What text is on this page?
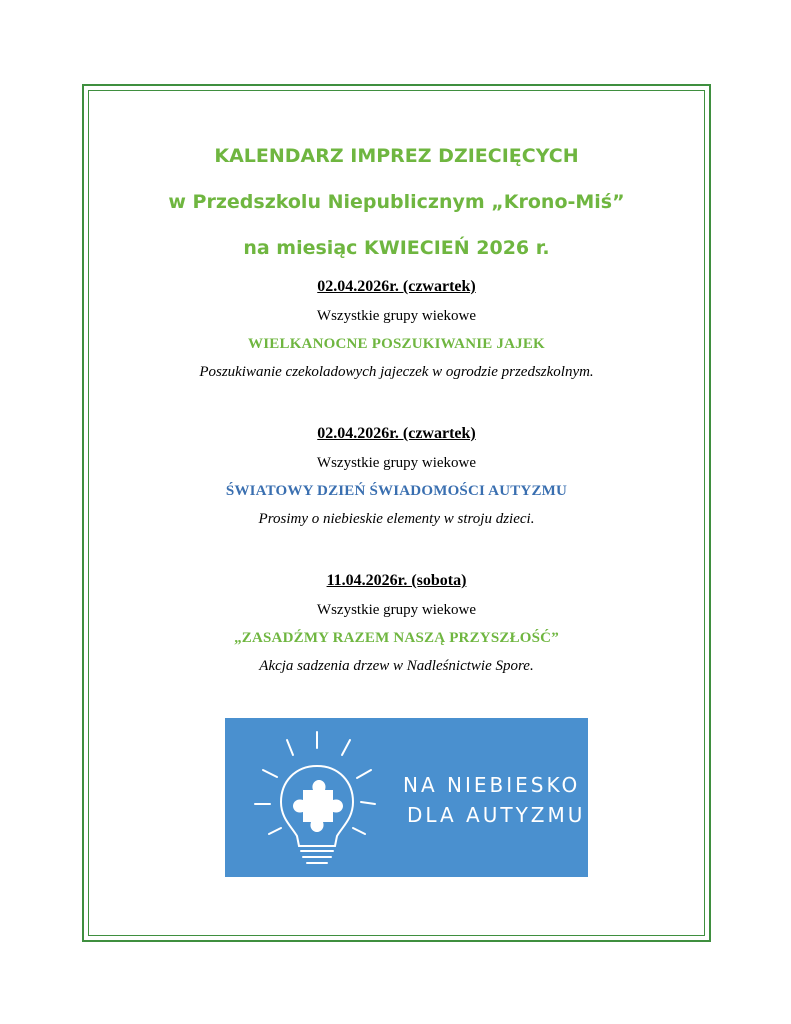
KALENDARZ IMPREZ DZIECIĘCYCH

w Przedszkolu Niepublicznym „Krono-Miś”

na miesiąc KWIECIEŃ 2026 r.

02.04.2026r. (czwartek)

Wszystkie grupy wiekowe

WIELKANOCNE POSZUKIWANIE JAJEK

Poszukiwanie czekoladowych jajeczek w ogrodzie przedszkolnym.

02.04.2026r. (czwartek)

Wszystkie grupy wiekowe

ŚWIATOWY DZIEŃ ŚWIADOMOŚCI AUTYZMU

Prosimy o niebieskie elementy w stroju dzieci.

11.04.2026r. (sobota)

Wszystkie grupy wiekowe

„ZASADŹMY RAZEM NASZĄ PRZYSZŁOŚĆ”

Akcja sadzenia drzew w Nadleśnictwie Spore.

NA NIEBIESKO
DLA AUTYZMU
